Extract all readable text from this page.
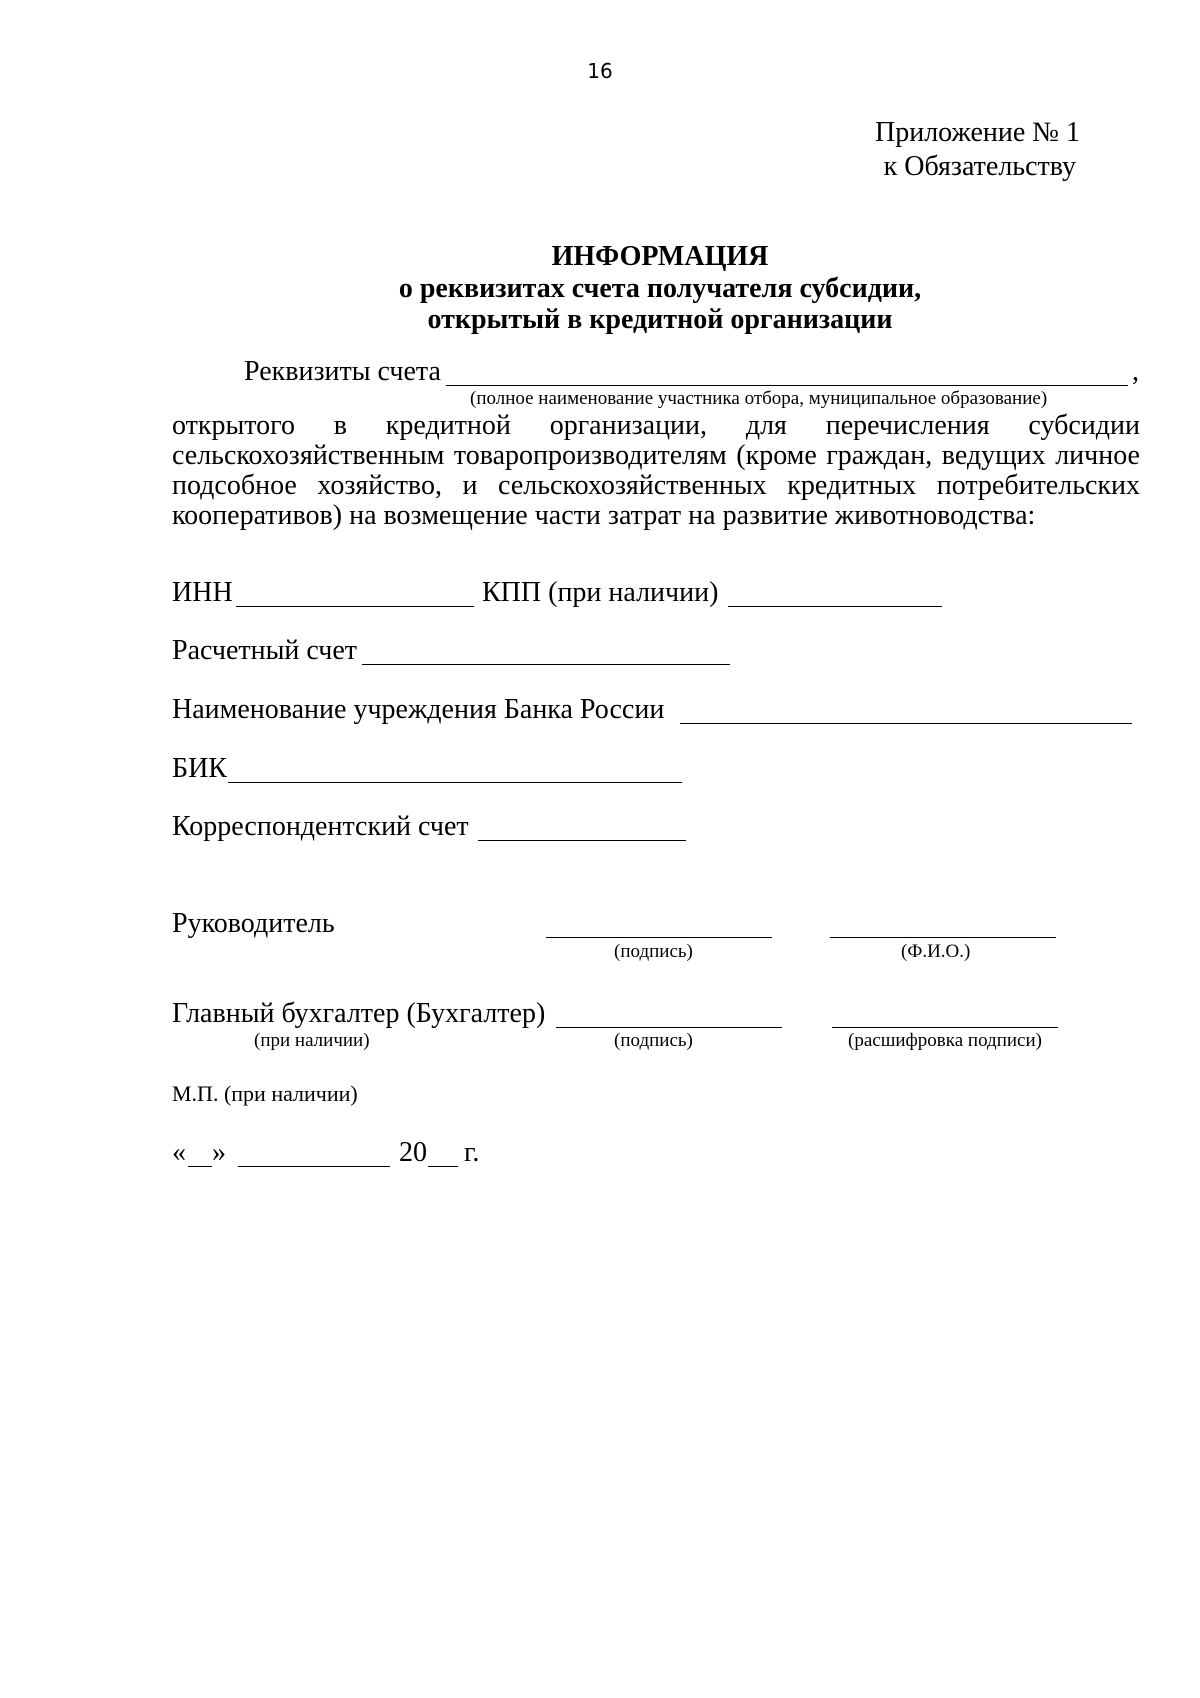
16
Приложение № 1
к Обязательству
ИНФОРМАЦИЯ
о реквизитах счета получателя субсидии,
открытый в кредитной организации
Реквизиты счета	,
(полное наименование участника отбора, муниципальное образование)
открытого в кредитной организации, для перечисления субсидии
сельскохозяйственным товаропроизводителям (кроме граждан, ведущих личное
подсобное хозяйство, и сельскохозяйственных кредитных потребительских
кооперативов) на возмещение части затрат на развитие животноводства:
ИНН	КПП (при наличии)
Расчетный счет
Наименование учреждения Банка России
БИК
Корреспондентский счет
Руководитель
(подпись)	(Ф.И.О.)
Главный бухгалтер (Бухгалтер)
(при наличии)	(подпись)	(расшифровка подписи)
М.П. (при наличии)
« »	20 г.
